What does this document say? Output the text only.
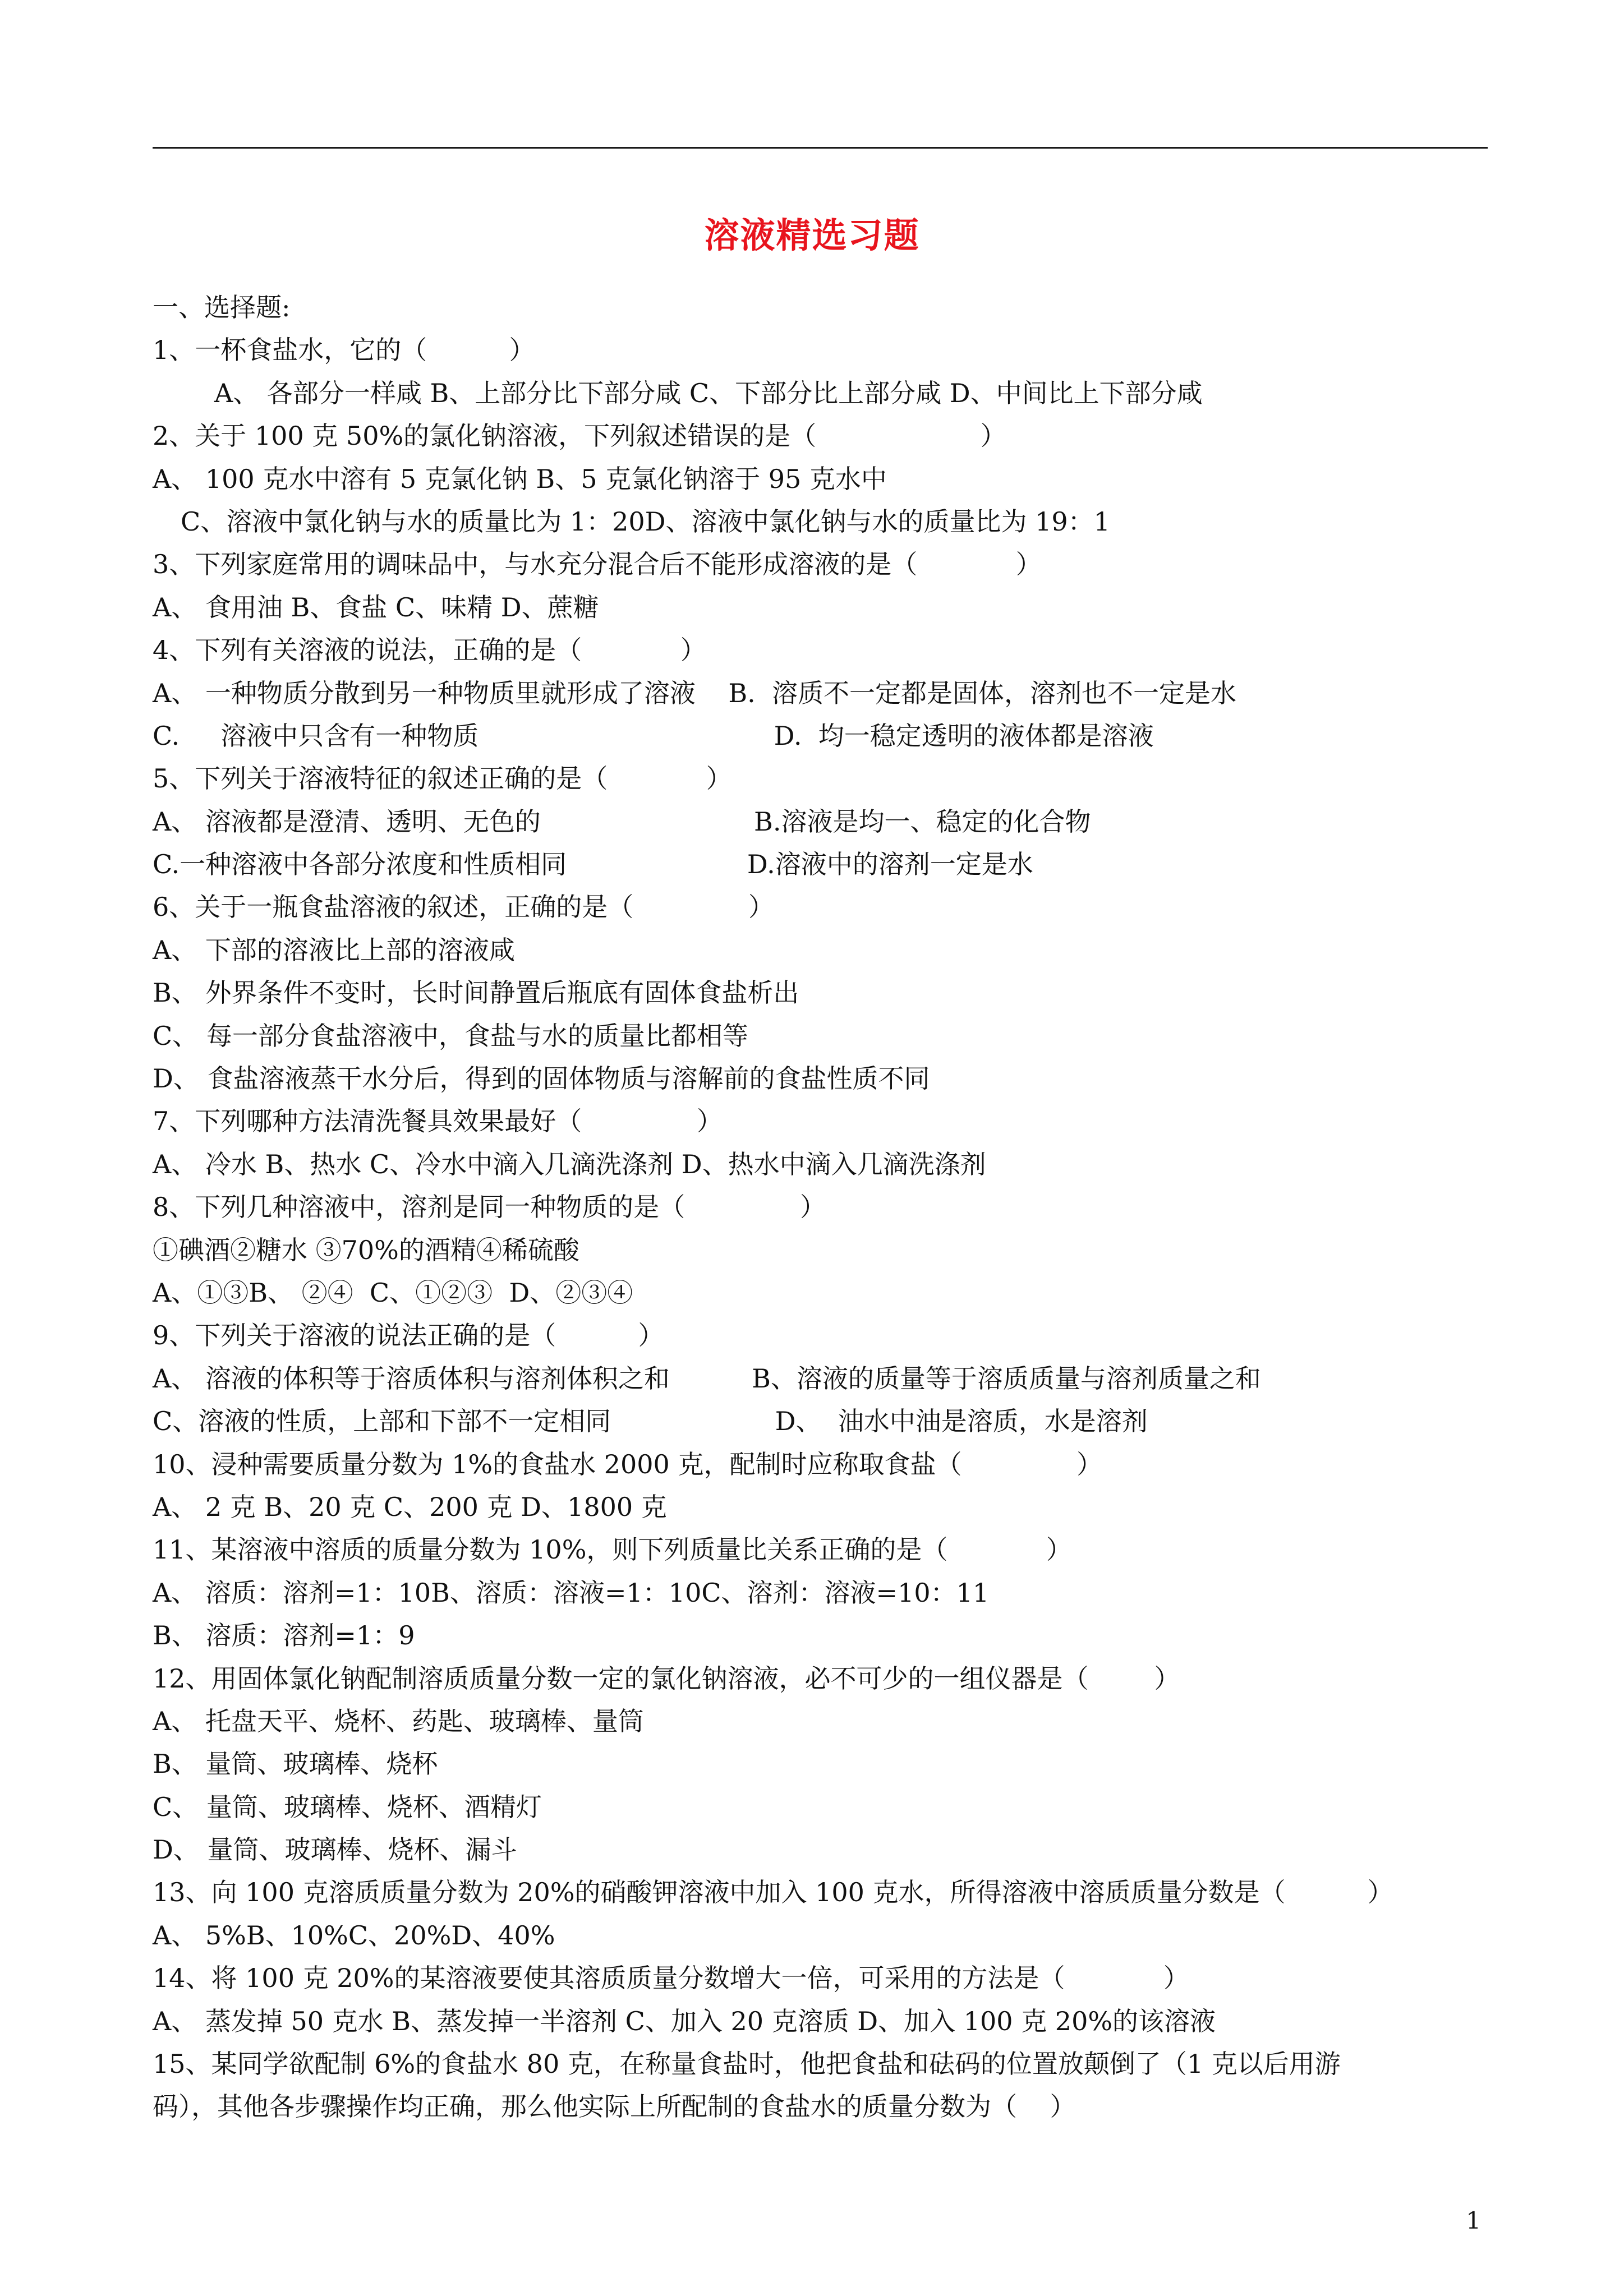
溶液精选习题
一、选择题:
1、一杯食盐水，它的（          ）
A、 各部分一样咸 B、上部分比下部分咸 C、下部分比上部分咸 D、中间比上下部分咸
2、关于 100 克 50%的氯化钠溶液，下列叙述错误的是（                    ）
A、 100 克水中溶有 5 克氯化钠 B、5 克氯化钠溶于 95 克水中
C、溶液中氯化钠与水的质量比为 1：20D、溶液中氯化钠与水的质量比为 19：1
3、下列家庭常用的调味品中，与水充分混合后不能形成溶液的是（            ）
A、 食用油 B、食盐 C、味精 D、蔗糖
4、下列有关溶液的说法，正确的是（            ）
A、 一种物质分散到另一种物质里就形成了溶液    B.  溶质不一定都是固体，溶剂也不一定是水
C.     溶液中只含有一种物质                                    D.  均一稳定透明的液体都是溶液
5、下列关于溶液特征的叙述正确的是（            ）
A、 溶液都是澄清、透明、无色的                          B.溶液是均一、稳定的化合物
C.一种溶液中各部分浓度和性质相同                      D.溶液中的溶剂一定是水
6、关于一瓶食盐溶液的叙述，正确的是（              ）
A、 下部的溶液比上部的溶液咸
B、 外界条件不变时，长时间静置后瓶底有固体食盐析出
C、 每一部分食盐溶液中，食盐与水的质量比都相等
D、 食盐溶液蒸干水分后，得到的固体物质与溶解前的食盐性质不同
7、下列哪种方法清洗餐具效果最好（              ）
A、 冷水 B、热水 C、冷水中滴入几滴洗涤剂 D、热水中滴入几滴洗涤剂
8、下列几种溶液中，溶剂是同一种物质的是（              ）
①碘酒②糖水 ③70%的酒精④稀硫酸
A、①③B、 ②④  C、①②③  D、②③④
9、下列关于溶液的说法正确的是（          ）
A、 溶液的体积等于溶质体积与溶剂体积之和          B、溶液的质量等于溶质质量与溶剂质量之和
C、溶液的性质，上部和下部不一定相同                    D、  油水中油是溶质，水是溶剂
10、浸种需要质量分数为 1%的食盐水 2000 克，配制时应称取食盐（              ）
A、 2 克 B、20 克 C、200 克 D、1800 克
11、某溶液中溶质的质量分数为 10%，则下列质量比关系正确的是（            ）
A、 溶质：溶剂=1：10B、溶质：溶液=1：10C、溶剂：溶液=10：11
B、 溶质：溶剂=1：9
12、用固体氯化钠配制溶质质量分数一定的氯化钠溶液，必不可少的一组仪器是（        ）
A、 托盘天平、烧杯、药匙、玻璃棒、量筒
B、 量筒、玻璃棒、烧杯
C、 量筒、玻璃棒、烧杯、酒精灯
D、 量筒、玻璃棒、烧杯、漏斗
13、向 100 克溶质质量分数为 20%的硝酸钾溶液中加入 100 克水，所得溶液中溶质质量分数是（          ）
A、 5%B、10%C、20%D、40%
14、将 100 克 20%的某溶液要使其溶质质量分数增大一倍，可采用的方法是（            ）
A、 蒸发掉 50 克水 B、蒸发掉一半溶剂 C、加入 20 克溶质 D、加入 100 克 20%的该溶液
15、某同学欲配制 6%的食盐水 80 克，在称量食盐时，他把食盐和砝码的位置放颠倒了（1 克以后用游
码），其他各步骤操作均正确，那么他实际上所配制的食盐水的质量分数为（    ）
1
